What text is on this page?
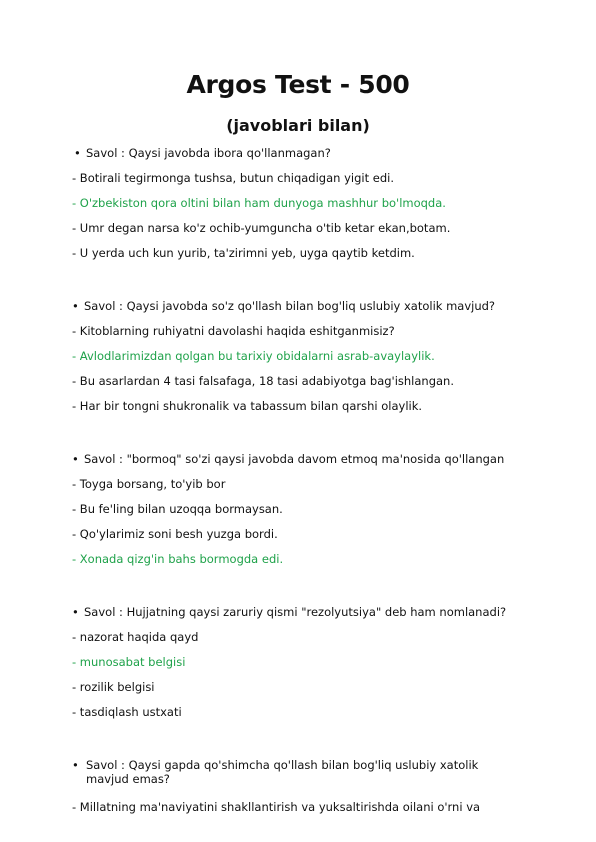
Argos Test - 500
(javoblari bilan)
• Savol : Qaysi javobda ibora qo'llanmagan?
- Botirali tegirmonga tushsa, butun chiqadigan yigit edi.
- O'zbekiston qora oltini bilan ham dunyoga mashhur bo'lmoqda.
- Umr degan narsa ko'z ochib-yumguncha o'tib ketar ekan,botam.
- U yerda uch kun yurib, ta'zirimni yeb, uyga qaytib ketdim.
• Savol : Qaysi javobda so'z qo'llash bilan bog'liq uslubiy xatolik mavjud?
- Kitoblarning ruhiyatni davolashi haqida eshitganmisiz?
- Avlodlarimizdan qolgan bu tarixiy obidalarni asrab-avaylaylik.
- Bu asarlardan 4 tasi falsafaga, 18 tasi adabiyotga bag'ishlangan.
- Har bir tongni shukronalik va tabassum bilan qarshi olaylik.
• Savol : "bormoq" so'zi qaysi javobda davom etmoq ma'nosida qo'llangan
- Toyga borsang, to'yib bor
- Bu fe'ling bilan uzoqqa bormaysan.
- Qo'ylarimiz soni besh yuzga bordi.
- Xonada qizg'in bahs bormogda edi.
• Savol : Hujjatning qaysi zaruriy qismi "rezolyutsiya" deb ham nomlanadi?
- nazorat haqida qayd
- munosabat belgisi
- rozilik belgisi
- tasdiqlash ustxati
• Savol : Qaysi gapda qo'shimcha qo'llash bilan bog'liq uslubiy xatolik mavjud emas?
- Millatning ma'naviyatini shakllantirish va yuksaltirishda oilani o'rni va
